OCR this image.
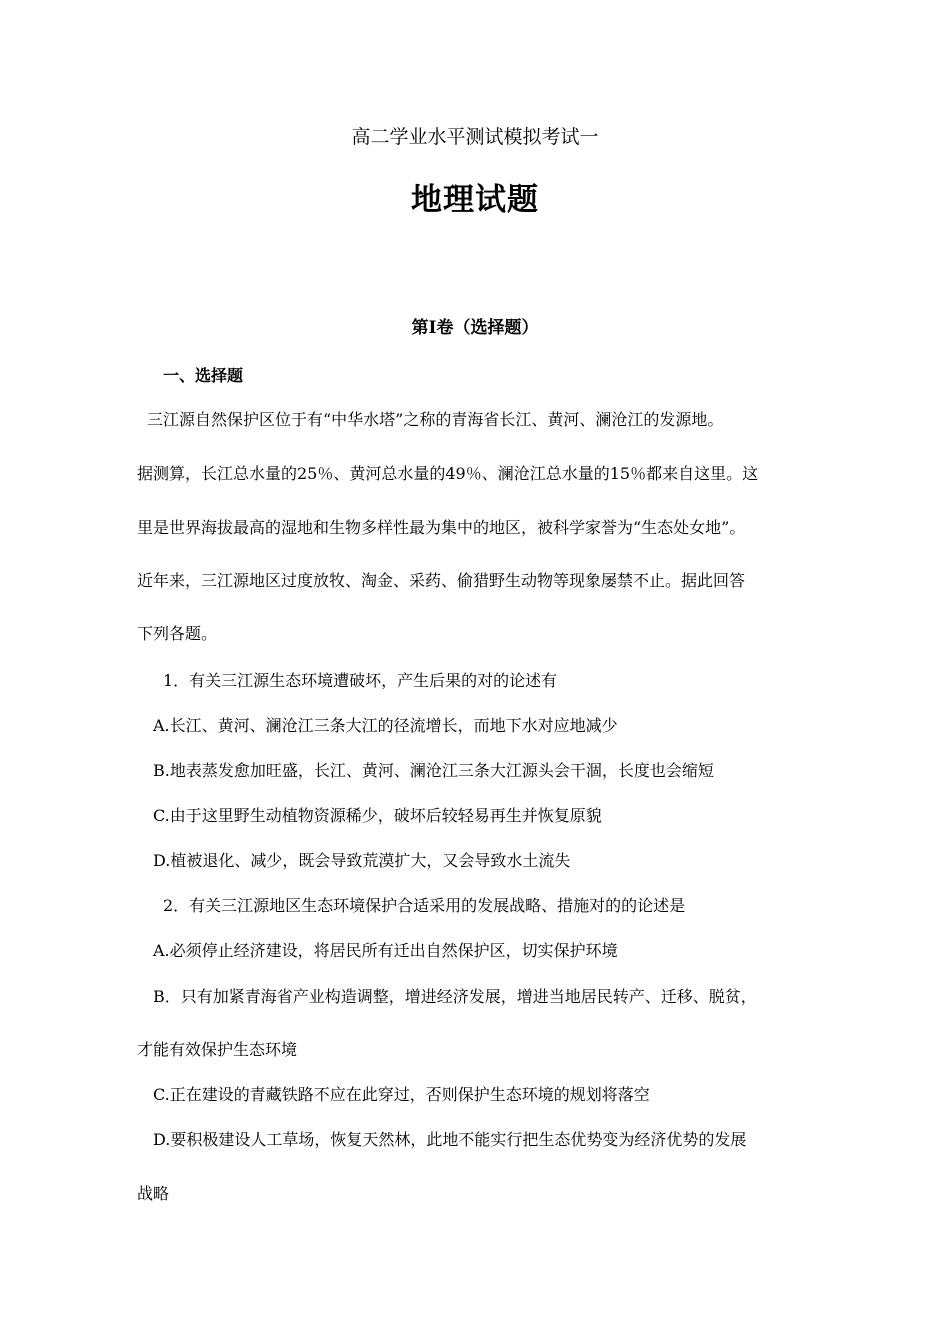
高二学业水平测试模拟考试一
地理试题
第Ⅰ卷（选择题）
一、选择题
三江源自然保护区位于有“中华水塔”之称的青海省长江、黄河、澜沧江的发源地。
据测算，长江总水量的25％、黄河总水量的49％、澜沧江总水量的15％都来自这里。这
里是世界海拔最高的湿地和生物多样性最为集中的地区，被科学家誉为“生态处女地”。
近年来，三江源地区过度放牧、淘金、采药、偷猎野生动物等现象屡禁不止。据此回答
下列各题。
1．有关三江源生态环境遭破坏，产生后果的对的论述有
A.长江、黄河、澜沧江三条大江的径流增长，而地下水对应地减少
B.地表蒸发愈加旺盛，长江、黄河、澜沧江三条大江源头会干涸，长度也会缩短
C.由于这里野生动植物资源稀少，破坏后较轻易再生并恢复原貌
D.植被退化、减少，既会导致荒漠扩大，又会导致水土流失
2．有关三江源地区生态环境保护合适采用的发展战略、措施对的的论述是
A.必须停止经济建设，将居民所有迁出自然保护区，切实保护环境
B．只有加紧青海省产业构造调整，增进经济发展，增进当地居民转产、迁移、脱贫，
才能有效保护生态环境
C.正在建设的青藏铁路不应在此穿过，否则保护生态环境的规划将落空
D.要积极建设人工草场，恢复天然林，此地不能实行把生态优势变为经济优势的发展
战略
